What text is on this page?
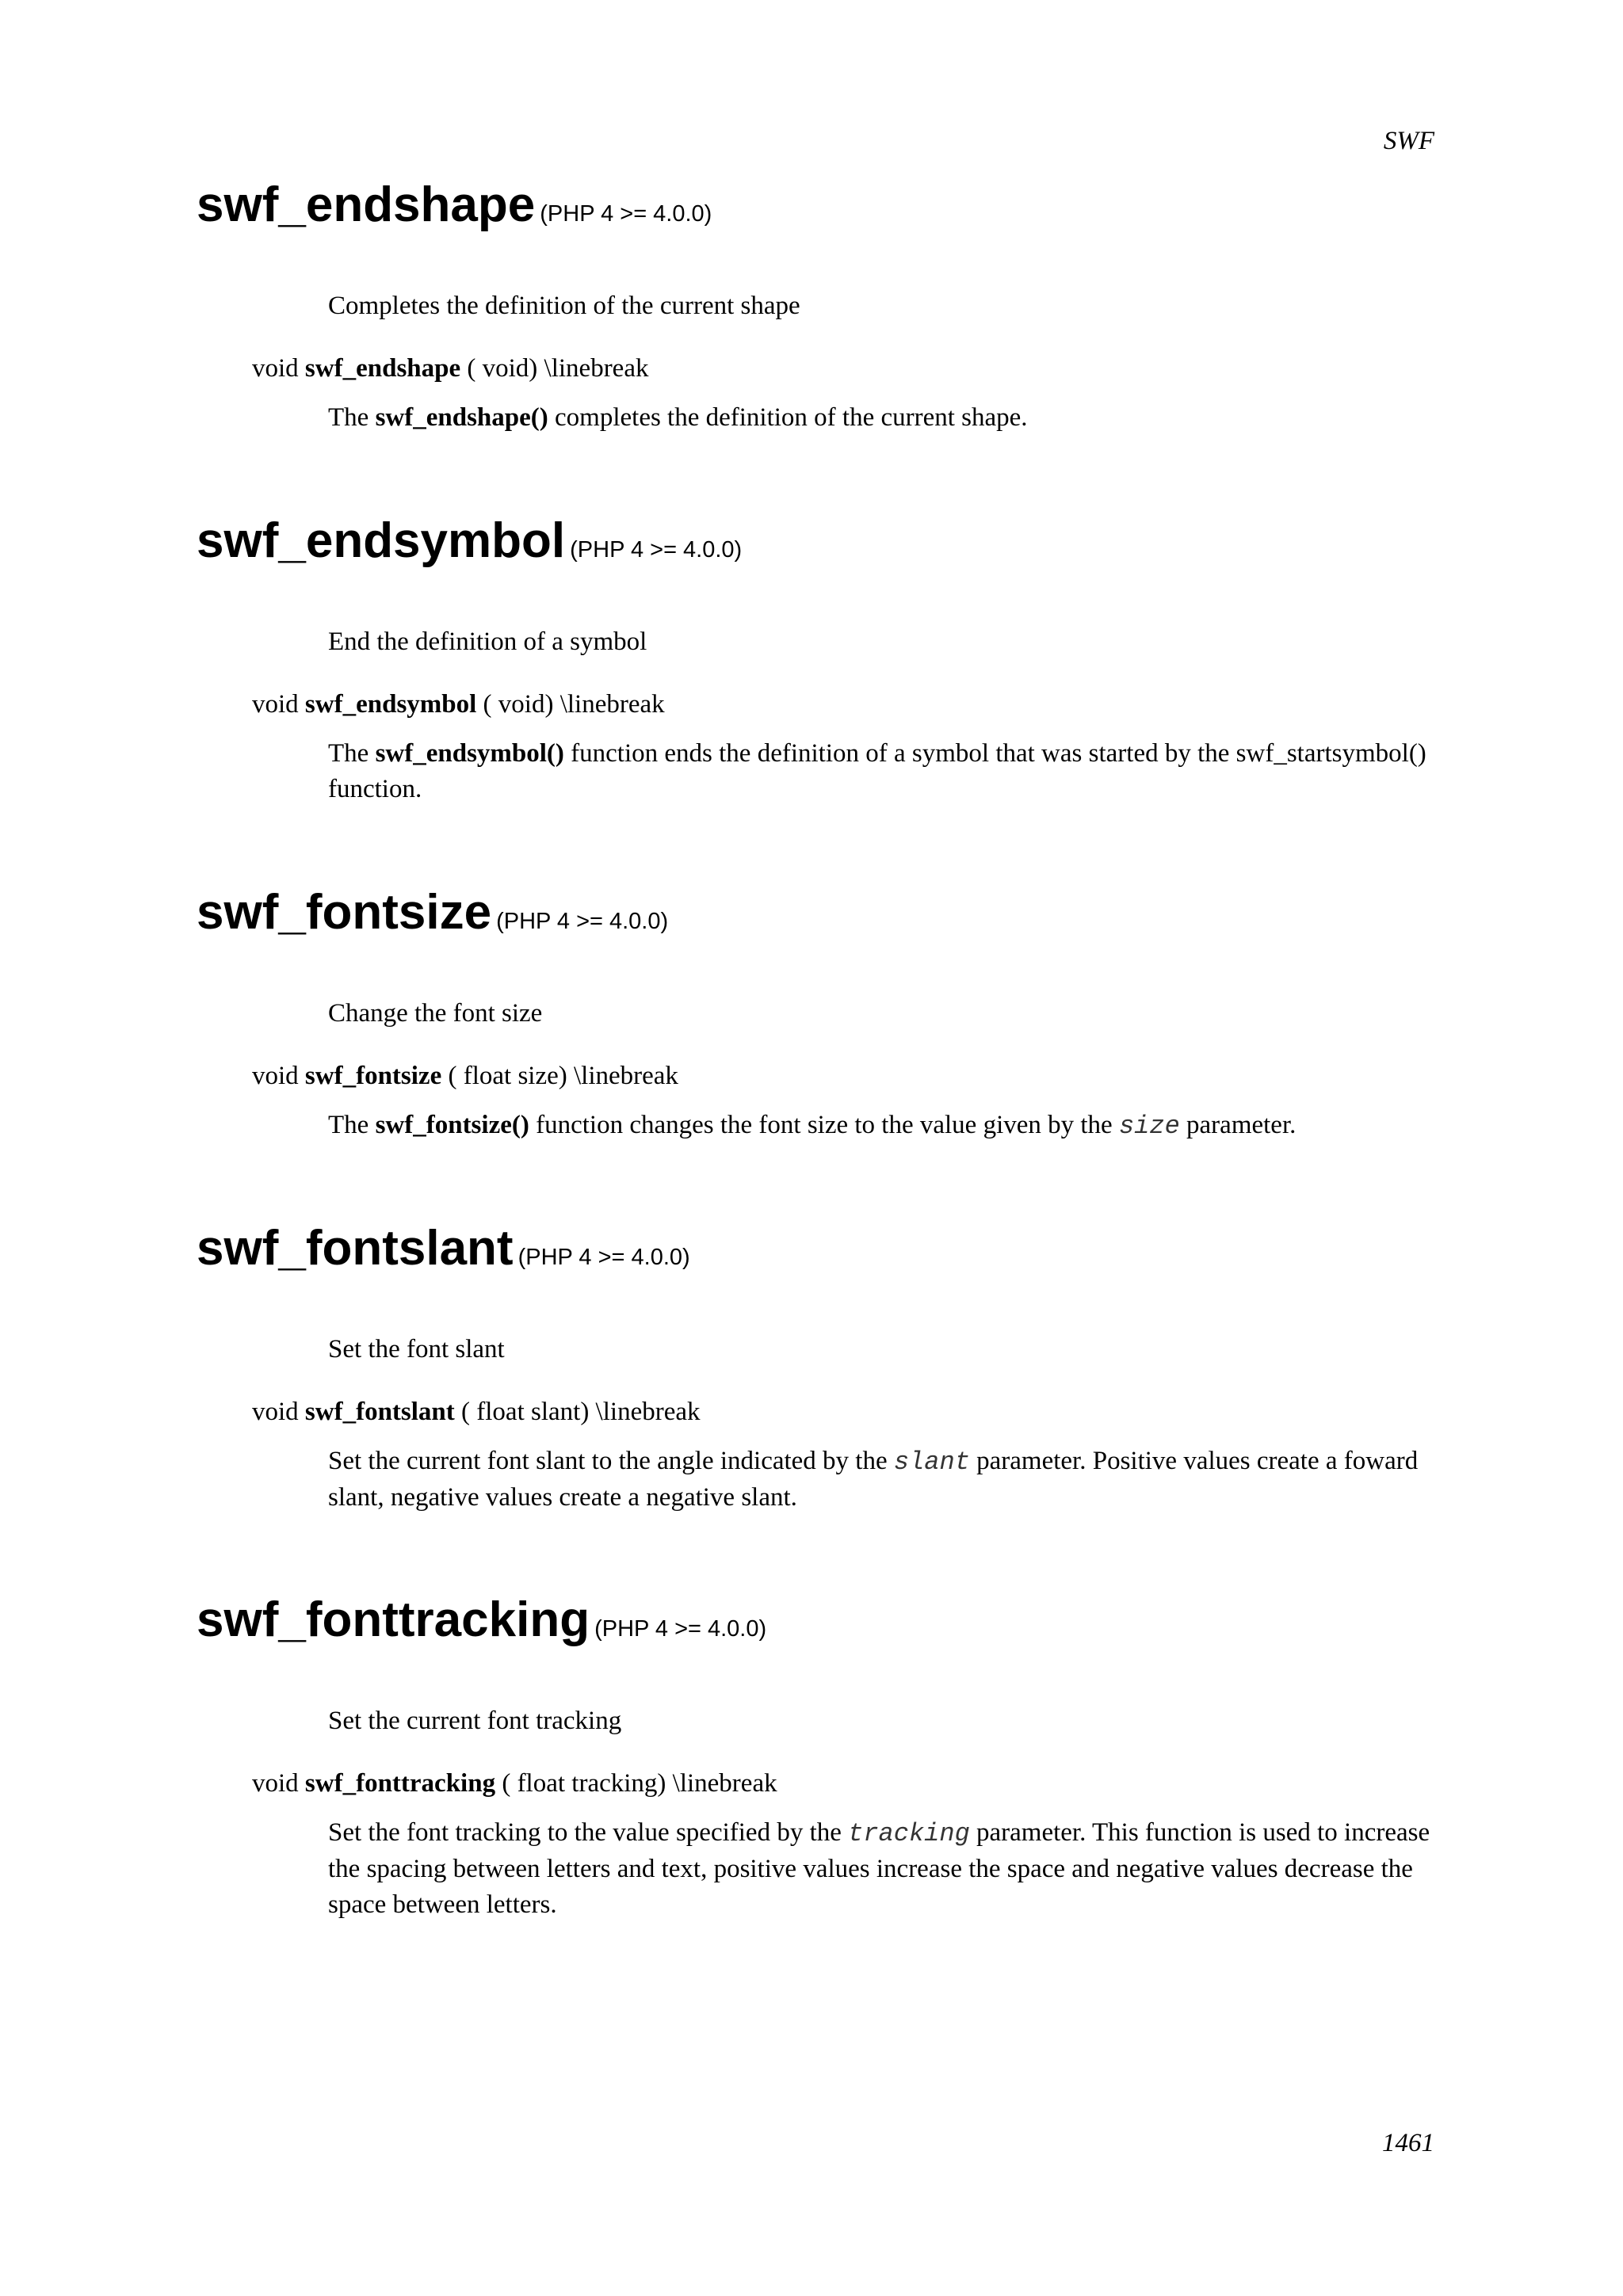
SWF
swf_endshape (PHP 4 >= 4.0.0)

Completes the definition of the current shape

void swf_endshape ( void) \linebreak

The swf_endshape() completes the definition of the current shape.

swf_endsymbol (PHP 4 >= 4.0.0)

End the definition of a symbol

void swf_endsymbol ( void) \linebreak

The swf_endsymbol() function ends the definition of a symbol that was started by the swf_startsymbol() function.

swf_fontsize (PHP 4 >= 4.0.0)

Change the font size

void swf_fontsize ( float size) \linebreak

The swf_fontsize() function changes the font size to the value given by the size parameter.

swf_fontslant (PHP 4 >= 4.0.0)

Set the font slant

void swf_fontslant ( float slant) \linebreak

Set the current font slant to the angle indicated by the slant parameter. Positive values create a foward slant, negative values create a negative slant.

swf_fonttracking (PHP 4 >= 4.0.0)

Set the current font tracking

void swf_fonttracking ( float tracking) \linebreak

Set the font tracking to the value specified by the tracking parameter. This function is used to increase the spacing between letters and text, positive values increase the space and negative values decrease the space between letters.

1461
